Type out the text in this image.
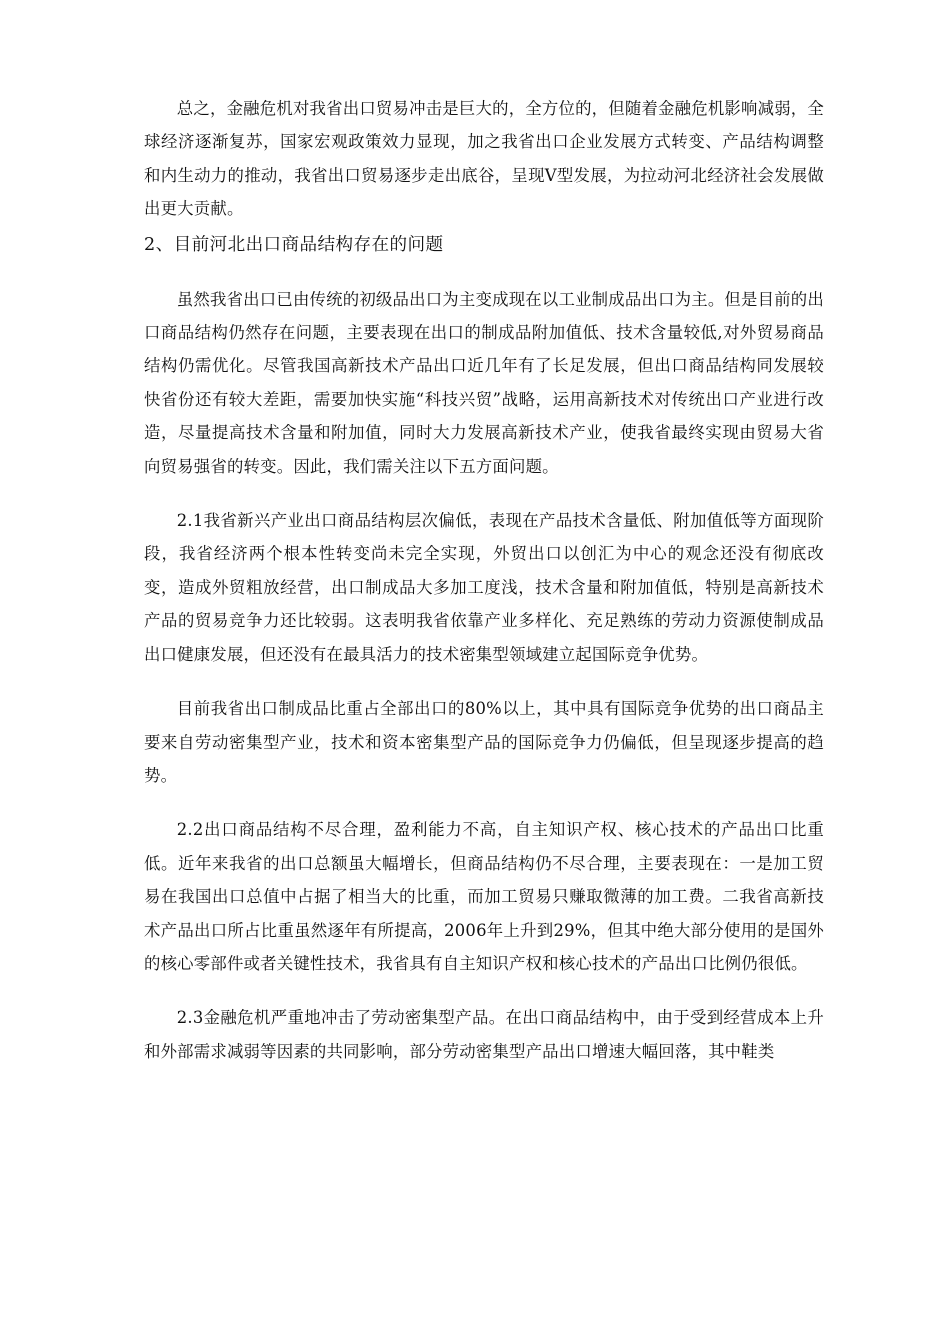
总之，金融危机对我省出口贸易冲击是巨大的，全方位的，但随着金融危机影响减弱，全球经济逐渐复苏，国家宏观政策效力显现，加之我省出口企业发展方式转变、产品结构调整和内生动力的推动，我省出口贸易逐步走出底谷，呈现V型发展，为拉动河北经济社会发展做出更大贡献。

2、目前河北出口商品结构存在的问题

虽然我省出口已由传统的初级品出口为主变成现在以工业制成品出口为主。但是目前的出口商品结构仍然存在问题，主要表现在出口的制成品附加值低、技术含量较低,对外贸易商品结构仍需优化。尽管我国高新技术产品出口近几年有了长足发展，但出口商品结构同发展较快省份还有较大差距，需要加快实施“科技兴贸”战略，运用高新技术对传统出口产业进行改造，尽量提高技术含量和附加值，同时大力发展高新技术产业，使我省最终实现由贸易大省向贸易强省的转变。因此，我们需关注以下五方面问题。

2.1我省新兴产业出口商品结构层次偏低，表现在产品技术含量低、附加值低等方面现阶段，我省经济两个根本性转变尚未完全实现，外贸出口以创汇为中心的观念还没有彻底改变，造成外贸粗放经营，出口制成品大多加工度浅，技术含量和附加值低，特别是高新技术产品的贸易竞争力还比较弱。这表明我省依靠产业多样化、充足熟练的劳动力资源使制成品出口健康发展，但还没有在最具活力的技术密集型领域建立起国际竞争优势。

目前我省出口制成品比重占全部出口的80%以上，其中具有国际竞争优势的出口商品主要来自劳动密集型产业，技术和资本密集型产品的国际竞争力仍偏低，但呈现逐步提高的趋势。

2.2出口商品结构不尽合理，盈利能力不高，自主知识产权、核心技术的产品出口比重低。近年来我省的出口总额虽大幅增长，但商品结构仍不尽合理，主要表现在：一是加工贸易在我国出口总值中占据了相当大的比重，而加工贸易只赚取微薄的加工费。二我省高新技术产品出口所占比重虽然逐年有所提高，2006年上升到29%，但其中绝大部分使用的是国外的核心零部件或者关键性技术，我省具有自主知识产权和核心技术的产品出口比例仍很低。

2.3金融危机严重地冲击了劳动密集型产品。在出口商品结构中，由于受到经营成本上升和外部需求减弱等因素的共同影响，部分劳动密集型产品出口增速大幅回落，其中鞋类
